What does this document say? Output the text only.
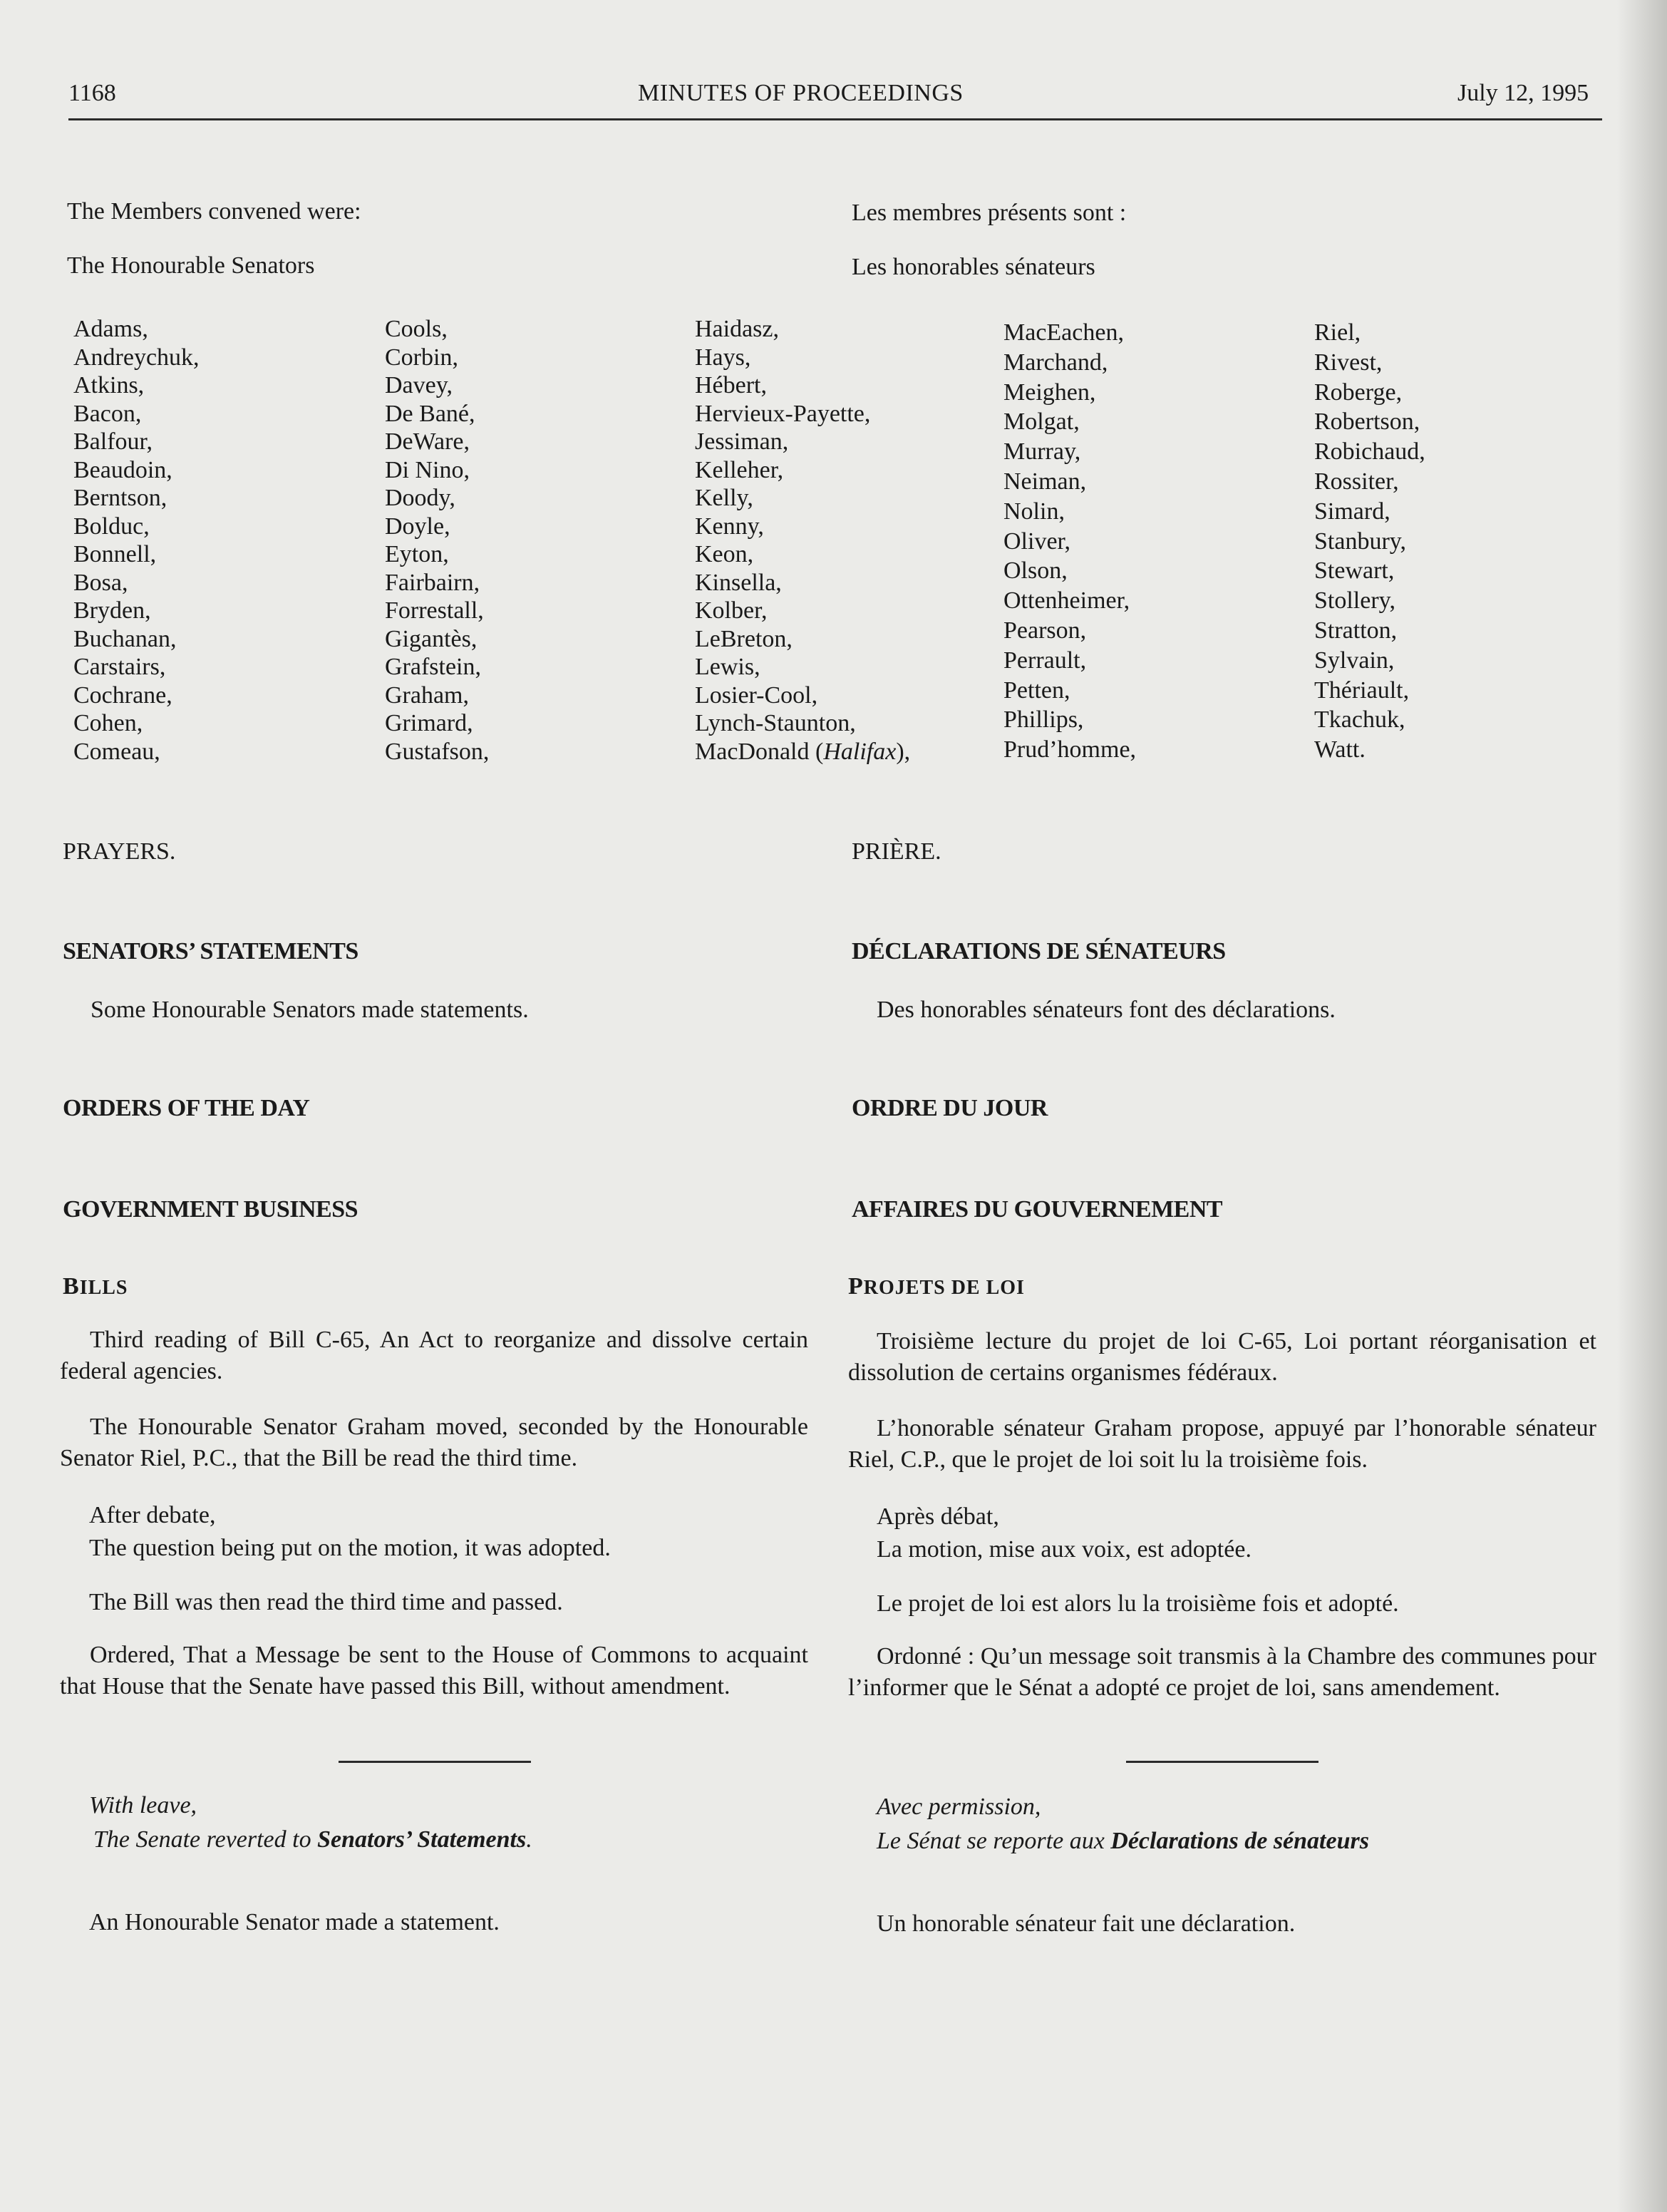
1168	MINUTES OF PROCEEDINGS	July 12, 1995
The Members convened were:	Les membres présents sont :
The Honourable Senators	Les honorables sénateurs
Adams,
Andreychuk,
Atkins,
Bacon,
Balfour,
Beaudoin,
Berntson,
Bolduc,
Bonnell,
Bosa,
Bryden,
Buchanan,
Carstairs,
Cochrane,
Cohen,
Comeau,
Cools,
Corbin,
Davey,
De Bané,
DeWare,
Di Nino,
Doody,
Doyle,
Eyton,
Fairbairn,
Forrestall,
Gigantès,
Grafstein,
Graham,
Grimard,
Gustafson,
Haidasz,
Hays,
Hébert,
Hervieux-Payette,
Jessiman,
Kelleher,
Kelly,
Kenny,
Keon,
Kinsella,
Kolber,
LeBreton,
Lewis,
Losier-Cool,
Lynch-Staunton,
MacDonald (Halifax),
MacEachen,
Marchand,
Meighen,
Molgat,
Murray,
Neiman,
Nolin,
Oliver,
Olson,
Ottenheimer,
Pearson,
Perrault,
Petten,
Phillips,
Prud’homme,
Riel,
Rivest,
Roberge,
Robertson,
Robichaud,
Rossiter,
Simard,
Stanbury,
Stewart,
Stollery,
Stratton,
Sylvain,
Thériault,
Tkachuk,
Watt.
PRAYERS.	PRIÈRE.
SENATORS’ STATEMENTS	DÉCLARATIONS DE SÉNATEURS
Some Honourable Senators made statements.	Des honorables sénateurs font des déclarations.
ORDERS OF THE DAY	ORDRE DU JOUR
GOVERNMENT BUSINESS	AFFAIRES DU GOUVERNEMENT
BILLS	PROJETS DE LOI
Third reading of Bill C-65, An Act to reorganize and dissolve certain federal agencies.
The Honourable Senator Graham moved, seconded by the Honourable Senator Riel, P.C., that the Bill be read the third time.
After debate,
The question being put on the motion, it was adopted.
The Bill was then read the third time and passed.
Ordered, That a Message be sent to the House of Commons to acquaint that House that the Senate have passed this Bill, without amendment.
Troisième lecture du projet de loi C-65, Loi portant réorganisation et dissolution de certains organismes fédéraux.
L’honorable sénateur Graham propose, appuyé par l’honorable sénateur Riel, C.P., que le projet de loi soit lu la troisième fois.
Après débat,
La motion, mise aux voix, est adoptée.
Le projet de loi est alors lu la troisième fois et adopté.
Ordonné : Qu’un message soit transmis à la Chambre des communes pour l’informer que le Sénat a adopté ce projet de loi, sans amendement.
With leave,
The Senate reverted to Senators’ Statements.
Avec permission,
Le Sénat se reporte aux Déclarations de sénateurs
An Honourable Senator made a statement.	Un honorable sénateur fait une déclaration.
